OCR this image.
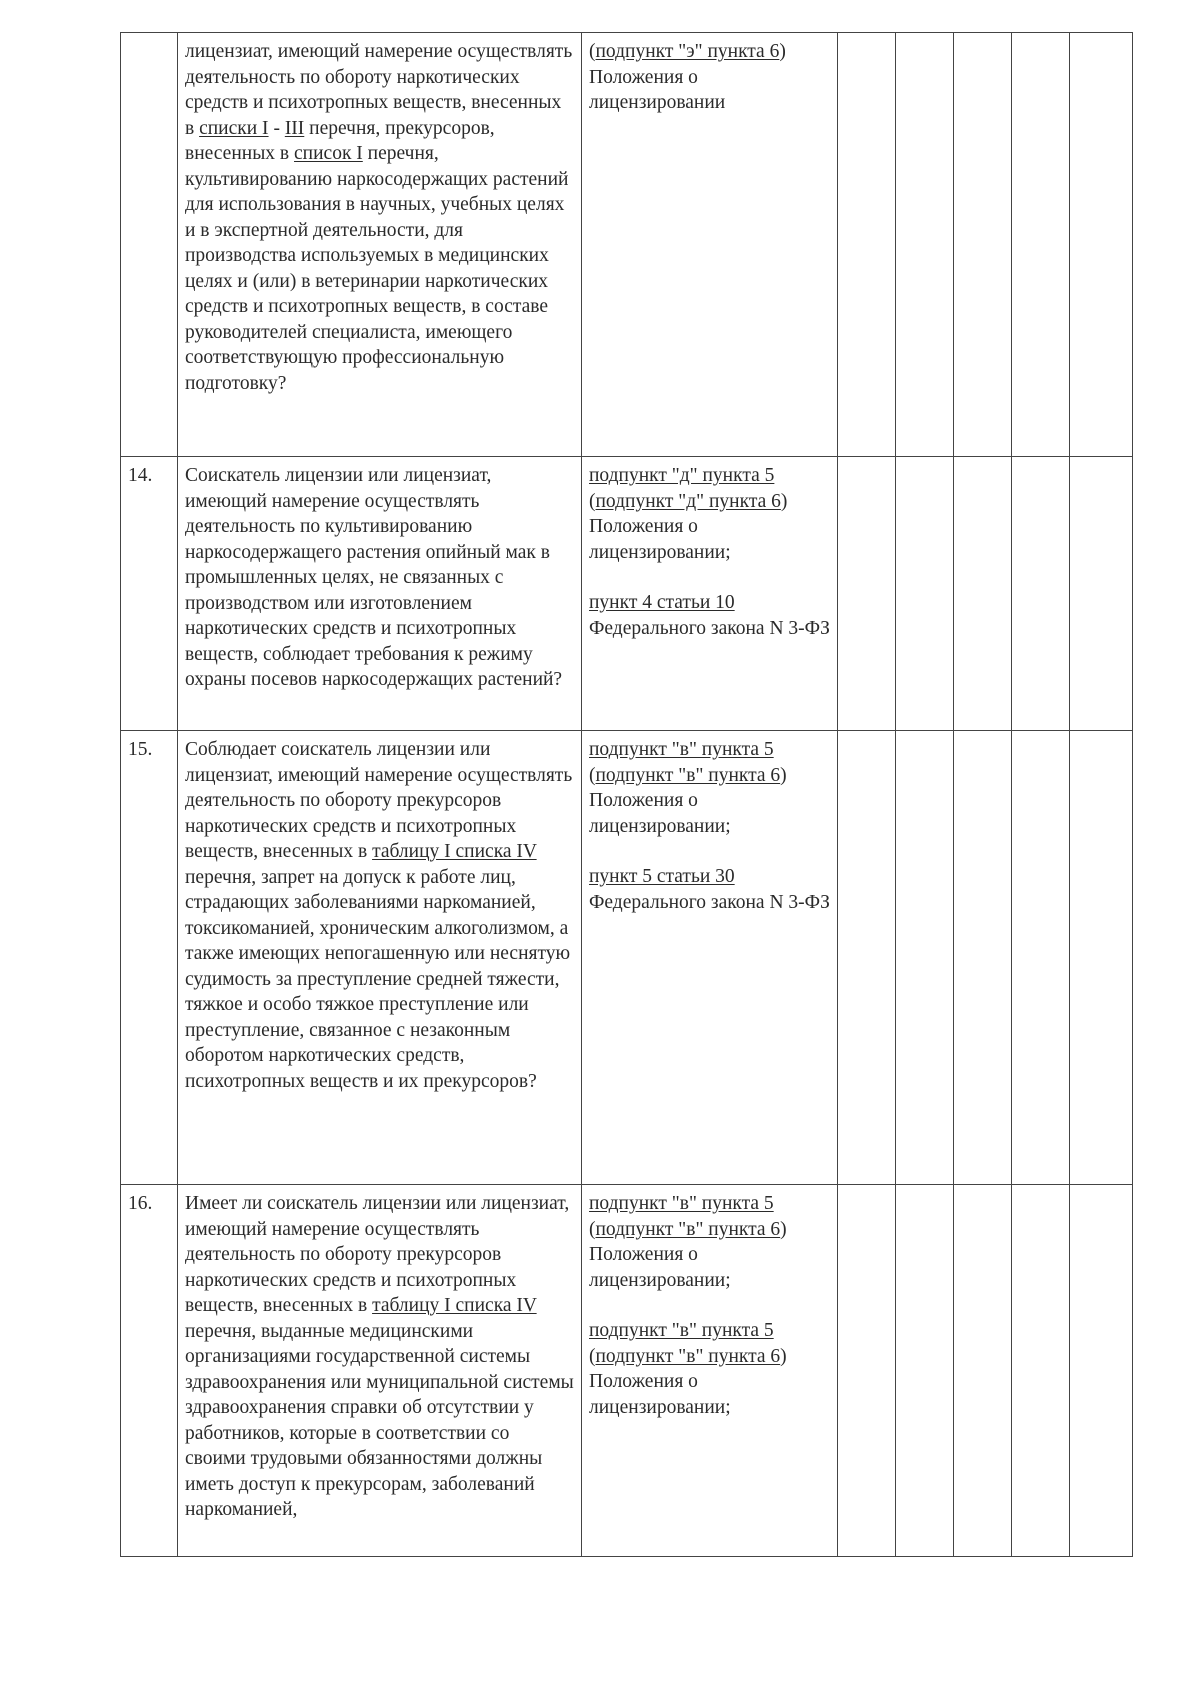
	лицензиат, имеющий намерение осуществлять деятельность по обороту наркотических средств и психотропных веществ, внесенных в списки I - III перечня, прекурсоров, внесенных в список I перечня, культивированию наркосодержащих растений для использования в научных, учебных целях и в экспертной деятельности, для производства используемых в медицинских целях и (или) в ветеринарии наркотических средств и психотропных веществ, в составе руководителей специалиста, имеющего соответствующую профессиональную подготовку?	(подпункт "э" пункта 6) Положения о лицензировании					

14.	Соискатель лицензии или лицензиат, имеющий намерение осуществлять деятельность по культивированию наркосодержащего растения опийный мак в промышленных целях, не связанных с производством или изготовлением наркотических средств и психотропных веществ, соблюдает требования к режиму охраны посевов наркосодержащих растений?	подпункт "д" пункта 5 (подпункт "д" пункта 6) Положения о лицензировании;
пункт 4 статьи 10 Федерального закона N 3-ФЗ					

15.	Соблюдает соискатель лицензии или лицензиат, имеющий намерение осуществлять деятельность по обороту прекурсоров наркотических средств и психотропных веществ, внесенных в таблицу I списка IV перечня, запрет на допуск к работе лиц, страдающих заболеваниями наркоманией, токсикоманией, хроническим алкоголизмом, а также имеющих непогашенную или неснятую судимость за преступление средней тяжести, тяжкое и особо тяжкое преступление или преступление, связанное с незаконным оборотом наркотических средств, психотропных веществ и их прекурсоров?	подпункт "в" пункта 5 (подпункт "в" пункта 6) Положения о лицензировании;
пункт 5 статьи 30 Федерального закона N 3-ФЗ					

16.	Имеет ли соискатель лицензии или лицензиат, имеющий намерение осуществлять деятельность по обороту прекурсоров наркотических средств и психотропных веществ, внесенных в таблицу I списка IV перечня, выданные медицинскими организациями государственной системы здравоохранения или муниципальной системы здравоохранения справки об отсутствии у работников, которые в соответствии со своими трудовыми обязанностями должны иметь доступ к прекурсорам, заболеваний наркоманией,	подпункт "в" пункта 5 (подпункт "в" пункта 6) Положения о лицензировании;
подпункт "в" пункта 5 (подпункт "в" пункта 6) Положения о лицензировании;					
